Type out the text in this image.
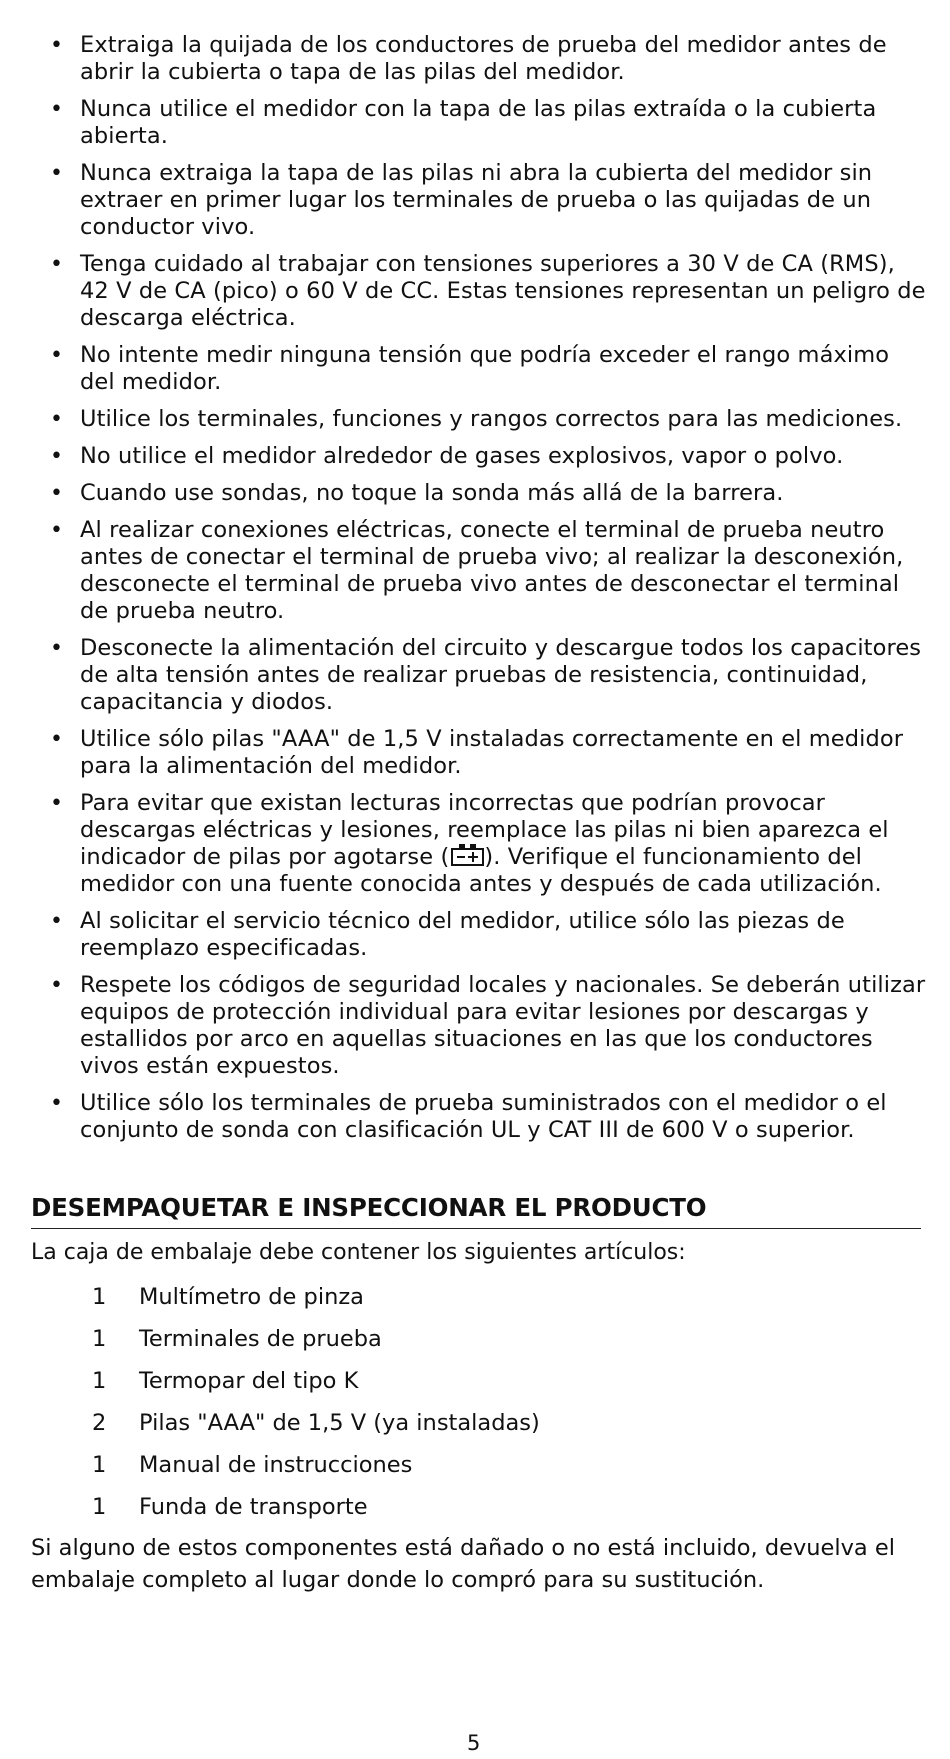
• Extraiga la quijada de los conductores de prueba del medidor antes de abrir la cubierta o tapa de las pilas del medidor.
• Nunca utilice el medidor con la tapa de las pilas extraída o la cubierta abierta.
• Nunca extraiga la tapa de las pilas ni abra la cubierta del medidor sin extraer en primer lugar los terminales de prueba o las quijadas de un conductor vivo.
• Tenga cuidado al trabajar con tensiones superiores a 30 V de CA (RMS), 42 V de CA (pico) o 60 V de CC. Estas tensiones representan un peligro de descarga eléctrica.
• No intente medir ninguna tensión que podría exceder el rango máximo del medidor.
• Utilice los terminales, funciones y rangos correctos para las mediciones.
• No utilice el medidor alrededor de gases explosivos, vapor o polvo.
• Cuando use sondas, no toque la sonda más allá de la barrera.
• Al realizar conexiones eléctricas, conecte el terminal de prueba neutro antes de conectar el terminal de prueba vivo; al realizar la desconexión, desconecte el terminal de prueba vivo antes de desconectar el terminal de prueba neutro.
• Desconecte la alimentación del circuito y descargue todos los capacitores de alta tensión antes de realizar pruebas de resistencia, continuidad, capacitancia y diodos.
• Utilice sólo pilas "AAA" de 1,5 V instaladas correctamente en el medidor para la alimentación del medidor.
• Para evitar que existan lecturas incorrectas que podrían provocar descargas eléctricas y lesiones, reemplace las pilas ni bien aparezca el indicador de pilas por agotarse ( ). Verifique el funcionamiento del medidor con una fuente conocida antes y después de cada utilización.
• Al solicitar el servicio técnico del medidor, utilice sólo las piezas de reemplazo especificadas.
• Respete los códigos de seguridad locales y nacionales. Se deberán utilizar equipos de protección individual para evitar lesiones por descargas y estallidos por arco en aquellas situaciones en las que los conductores vivos están expuestos.
• Utilice sólo los terminales de prueba suministrados con el medidor o el conjunto de sonda con clasificación UL y CAT III de 600 V o superior.
DESEMPAQUETAR E INSPECCIONAR EL PRODUCTO

La caja de embalaje debe contener los siguientes artículos:

1 Multímetro de pinza
1 Terminales de prueba
1 Termopar del tipo K
2 Pilas "AAA" de 1,5 V (ya instaladas)
1 Manual de instrucciones
1 Funda de transporte

Si alguno de estos componentes está dañado o no está incluido, devuelva el embalaje completo al lugar donde lo compró para su sustitución.

5
